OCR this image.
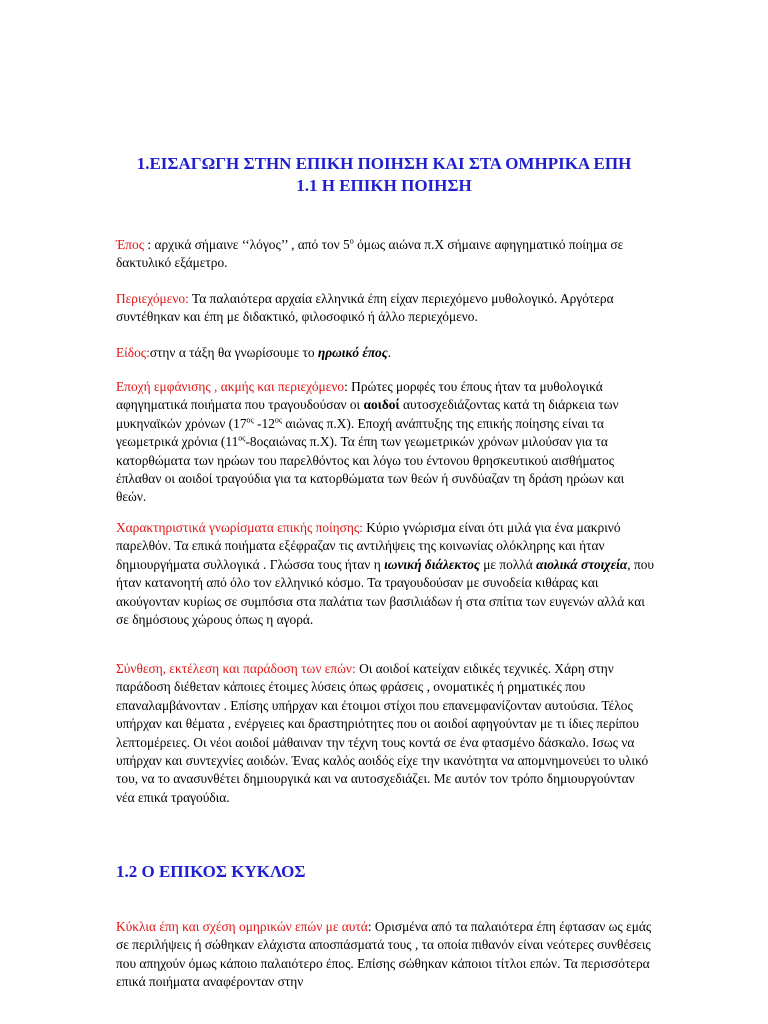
1.ΕΙΣΑΓΩΓΗ ΣΤΗΝ ΕΠΙΚΗ ΠΟΙΗΣΗ ΚΑΙ ΣΤΑ ΟΜΗΡΙΚΑ ΕΠΗ
1.1 Η ΕΠΙΚΗ ΠΟΙΗΣΗ

Έπος : αρχικά σήμαινε ‘‘λόγος’’ , από τον $5^o$ όμως αιώνα π.Χ σήμαινε αφηγηματικό ποίημα σε δακτυλικό εξάμετρο.

Περιεχόμενο: Τα παλαιότερα αρχαία ελληνικά έπη είχαν περιεχόμενο μυθολογικό. Αργότερα συντέθηκαν και έπη με διδακτικό, φιλοσοφικό ή άλλο περιεχόμενο.

Είδος:στην α τάξη θα γνωρίσουμε το ηρωικό έπος.

Εποχή εμφάνισης , ακμής και περιεχόμενο: Πρώτες μορφές του έπους ήταν τα μυθολογικά αφηγηματικά ποιήματα που τραγουδούσαν οι αοιδοί αυτοσχεδιάζοντας κατά τη διάρκεια των μυκηναϊκών χρόνων ($17^{o\varsigma}$ $-12^{o\varsigma}$ αιώνας π.Χ). Εποχή ανάπτυξης της επικής ποίησης είναι τα γεωμετρικά χρόνια ($11^{o\varsigma}-8o\varsigma\alpha\iota ώ\nu\alpha\varsigma$ π.Χ). Τα έπη των γεωμετρικών χρόνων μιλούσαν για τα κατορθώματα των ηρώων του παρελθόντος και λόγω του έντονου θρησκευτικού αισθήματος έπλαθαν οι αοιδοί τραγούδια για τα κατορθώματα των θεών ή συνδύαζαν τη δράση ηρώων και θεών.

Χαρακτηριστικά γνωρίσματα επικής ποίησης: Κύριο γνώρισμα είναι ότι μιλά για ένα μακρινό παρελθόν. Τα επικά ποιήματα εξέφραζαν τις αντιλήψεις της κοινωνίας ολόκληρης και ήταν δημιουργήματα συλλογικά . Γλώσσα τους ήταν η ιωνική διάλεκτος με πολλά αιολικά στοιχεία, που ήταν κατανοητή από όλο τον ελληνικό κόσμο. Τα τραγουδούσαν με συνοδεία κιθάρας και ακούγονταν κυρίως σε συμπόσια στα παλάτια των βασιλιάδων ή στα σπίτια των ευγενών αλλά και σε δημόσιους χώρους όπως η αγορά.

Σύνθεση, εκτέλεση και παράδοση των επών: Οι αοιδοί κατείχαν ειδικές τεχνικές. Χάρη στην παράδοση διέθεταν κάποιες έτοιμες λύσεις όπως φράσεις , ονοματικές ή ρηματικές που επαναλαμβάνονταν . Επίσης υπήρχαν και έτοιμοι στίχοι που επανεμφανίζονταν αυτούσια. Τέλος υπήρχαν και θέματα , ενέργειες και δραστηριότητες που οι αοιδοί αφηγούνταν με τι ίδιες περίπου λεπτομέρειες. Οι νέοι αοιδοί μάθαιναν την τέχνη τους κοντά σε ένα φτασμένο δάσκαλο. Ισως να υπήρχαν και συντεχνίες αοιδών. Ένας καλός αοιδός είχε την ικανότητα να απομνημονεύει το υλικό του, να το ανασυνθέτει δημιουργικά και να αυτοσχεδιάζει. Με αυτόν τον τρόπο δημιουργούνταν νέα επικά τραγούδια.

1.2 Ο ΕΠΙΚΟΣ ΚΥΚΛΟΣ

Κύκλια έπη και σχέση ομηρικών επών με αυτά: Ορισμένα από τα παλαιότερα έπη έφτασαν ως εμάς σε περιλήψεις ή σώθηκαν ελάχιστα αποσπάσματά τους , τα οποία πιθανόν είναι νεότερες συνθέσεις που απηχούν όμως κάποιο παλαιότερο έπος. Επίσης σώθηκαν κάποιοι τίτλοι επών. Τα περισσότερα επικά ποιήματα αναφέρονταν στην
